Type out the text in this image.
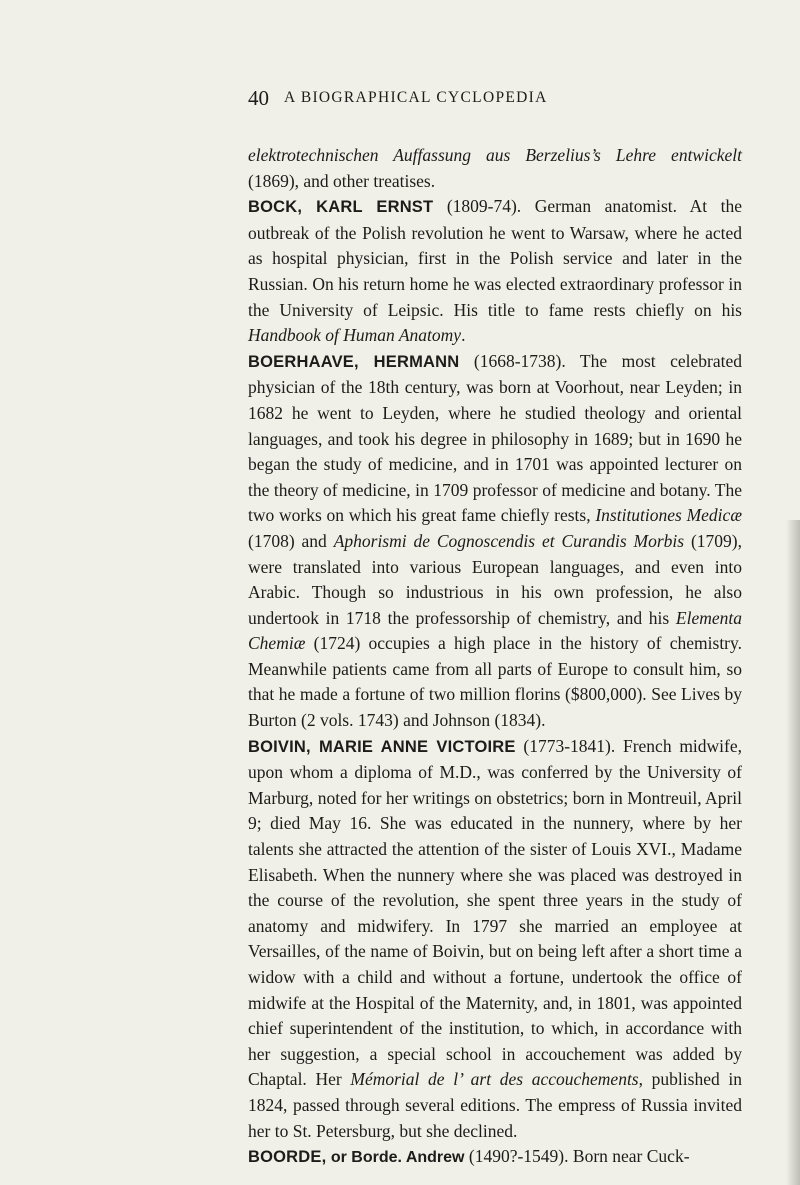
40 A BIOGRAPHICAL CYCLOPEDIA

elektrotechnischen Auffassung aus Berzelius’s Lehre entwickelt (1869), and other treatises.

BOCK, KARL ERNST (1809-74). German anatomist. At the outbreak of the Polish revolution he went to Warsaw, where he acted as hospital physician, first in the Polish service and later in the Russian. On his return home he was elected extraordinary professor in the University of Leipsic. His title to fame rests chiefly on his Handbook of Human Anatomy.

BOERHAAVE, HERMANN (1668-1738). The most celebrated physician of the 18th century, was born at Voorhout, near Leyden; in 1682 he went to Leyden, where he studied theology and oriental languages, and took his degree in philosophy in 1689; but in 1690 he began the study of medicine, and in 1701 was appointed lecturer on the theory of medicine, in 1709 professor of medicine and botany. The two works on which his great fame chiefly rests, Institutiones Medicæ (1708) and Aphorismi de Cognoscendis et Curandis Morbis (1709), were translated into various European languages, and even into Arabic. Though so industrious in his own profession, he also undertook in 1718 the professorship of chemistry, and his Elementa Chemiæ (1724) occupies a high place in the history of chemistry. Meanwhile patients came from all parts of Europe to consult him, so that he made a fortune of two million florins ($800,000). See Lives by Burton (2 vols. 1743) and Johnson (1834).

BOIVIN, MARIE ANNE VICTOIRE (1773-1841). French midwife, upon whom a diploma of M.D., was conferred by the University of Marburg, noted for her writings on obstetrics; born in Montreuil, April 9; died May 16. She was educated in the nunnery, where by her talents she attracted the attention of the sister of Louis XVI., Madame Elisabeth. When the nunnery where she was placed was destroyed in the course of the revolution, she spent three years in the study of anatomy and midwifery. In 1797 she married an employee at Versailles, of the name of Boivin, but on being left after a short time a widow with a child and without a fortune, undertook the office of midwife at the Hospital of the Maternity, and, in 1801, was appointed chief superintendent of the institution, to which, in accordance with her suggestion, a special school in accouchement was added by Chaptal. Her Mémorial de l’ art des accouchements, published in 1824, passed through several editions. The empress of Russia invited her to St. Petersburg, but she declined.

BOORDE, or Borde. Andrew (1490?-1549). Born near Cuck-
